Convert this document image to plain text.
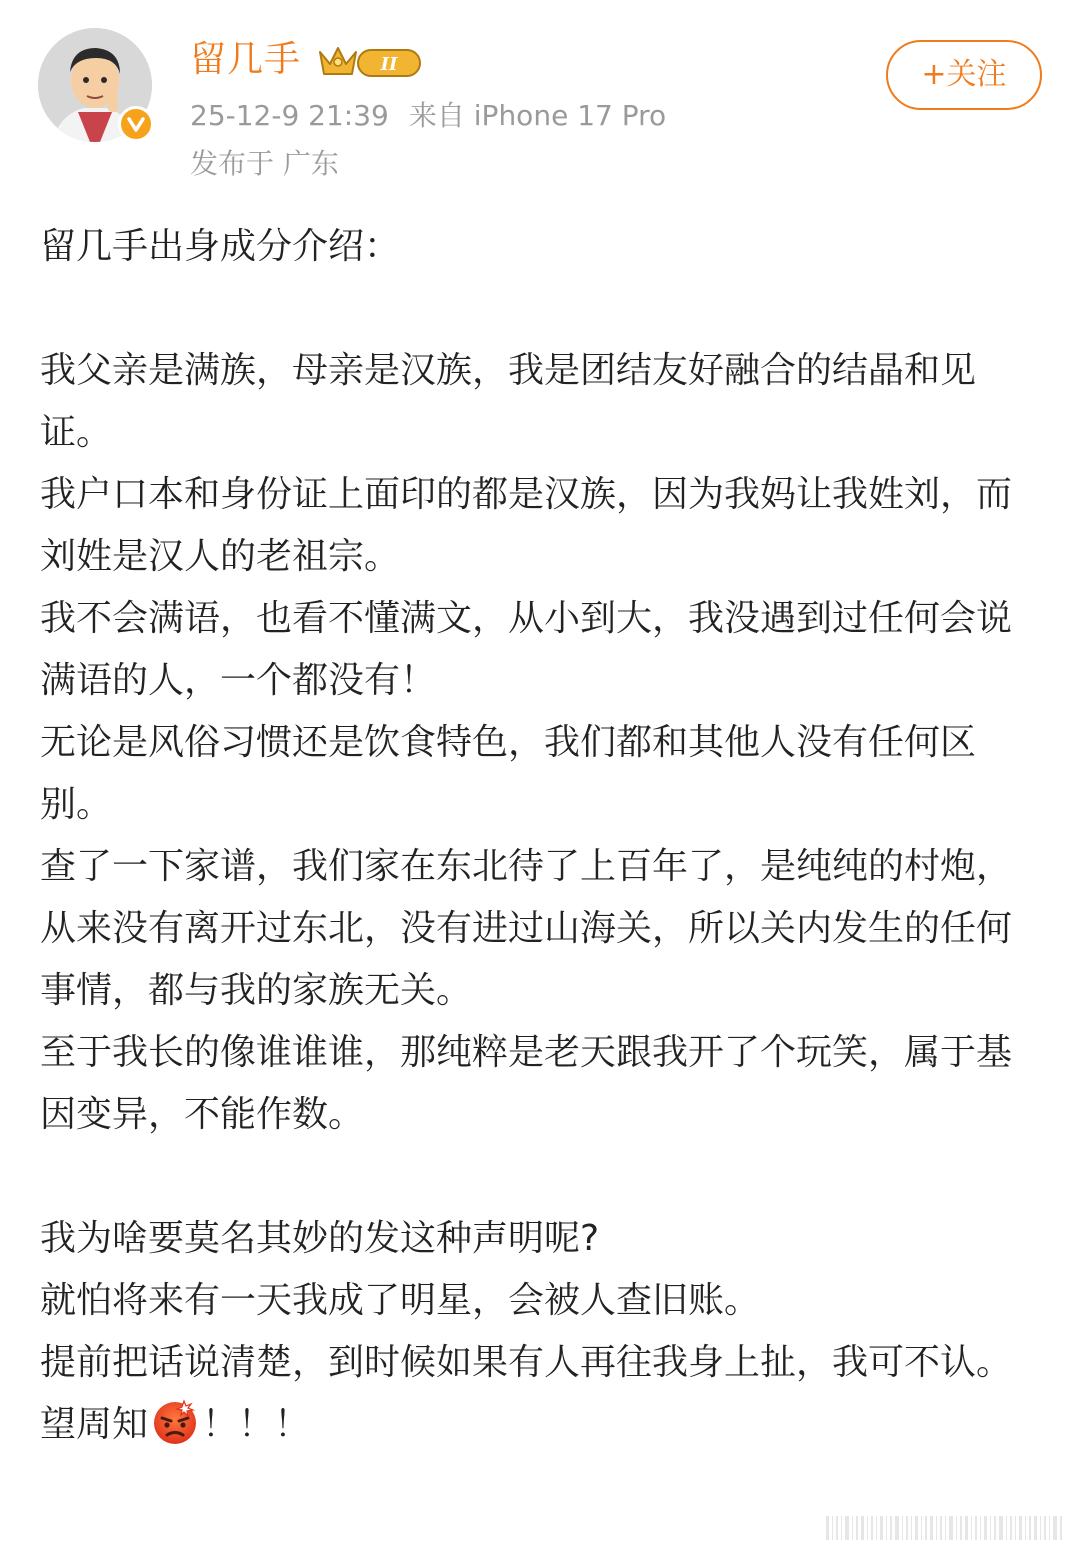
留几手	II
25-12-9 21:39 来自 iPhone 17 Pro
发布于 广东
+关注

留几手出身成分介绍：

我父亲是满族，母亲是汉族，我是团结友好融合的结晶和见证。

我户口本和身份证上面印的都是汉族，因为我妈让我姓刘，而刘姓是汉人的老祖宗。

我不会满语，也看不懂满文，从小到大，我没遇到过任何会说满语的人，一个都没有！

无论是风俗习惯还是饮食特色，我们都和其他人没有任何区别。

查了一下家谱，我们家在东北待了上百年了，是纯纯的村炮，从来没有离开过东北，没有进过山海关，所以关内发生的任何事情，都与我的家族无关。

至于我长的像谁谁谁，那纯粹是老天跟我开了个玩笑，属于基因变异，不能作数。

我为啥要莫名其妙的发这种声明呢?

就怕将来有一天我成了明星，会被人查旧账。

提前把话说清楚，到时候如果有人再往我身上扯，我可不认。

望周知 ！！！
